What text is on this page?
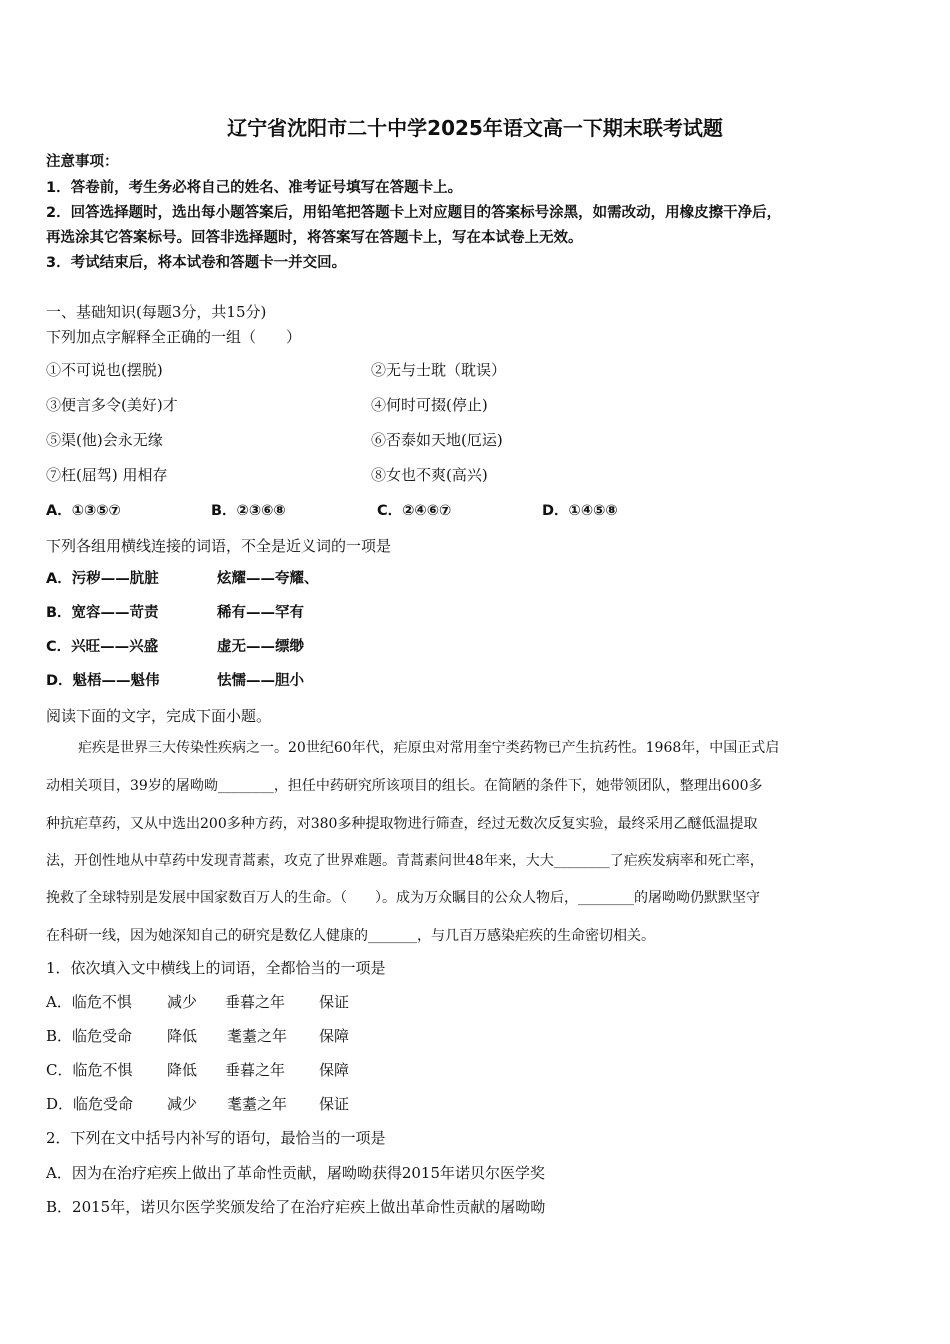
辽宁省沈阳市二十中学2025年语文高一下期末联考试题
注意事项：
1．答卷前，考生务必将自己的姓名、准考证号填写在答题卡上。
2．回答选择题时，选出每小题答案后，用铅笔把答题卡上对应题目的答案标号涂黑，如需改动，用橡皮擦干净后，
再选涂其它答案标号。回答非选择题时，将答案写在答题卡上，写在本试卷上无效。
3．考试结束后，将本试卷和答题卡一并交回。
一、基础知识(每题3分，共15分)
下列加点字解释全正确的一组（　　）
①不可说也(摆脱)	②无与士耽（耽误）
③便言多令(美好)才	④何时可掇(停止)
⑤渠(他)会永无缘	⑥否泰如天地(厄运)
⑦枉(屈驾) 用相存	⑧女也不爽(高兴)
A．①③⑤⑦	B．②③⑥⑧	C．②④⑥⑦	D．①④⑤⑧
下列各组用横线连接的词语，不全是近义词的一项是
A．污秽——肮脏	炫耀——夸耀、
B．宽容——苛责	稀有——罕有
C．兴旺——兴盛	虚无——缥缈
D．魁梧——魁伟	怯懦——胆小
阅读下面的文字，完成下面小题。
疟疾是世界三大传染性疾病之一。20世纪60年代，疟原虫对常用奎宁类药物已产生抗药性。1968年，中国正式启
动相关项目，39岁的屠呦呦________，担任中药研究所该项目的组长。在简陋的条件下，她带领团队，整理出600多
种抗疟草药，又从中选出200多种方药，对380多种提取物进行筛查，经过无数次反复实验，最终采用乙醚低温提取
法，开创性地从中草药中发现青蒿素，攻克了世界难题。青蒿素问世48年来，大大________了疟疾发病率和死亡率，
挽救了全球特别是发展中国家数百万人的生命。（　　）。成为万众瞩目的公众人物后，________的屠呦呦仍默默坚守
在科研一线，因为她深知自己的研究是数亿人健康的_______，与几百万感染疟疾的生命密切相关。
1．依次填入文中横线上的词语，全都恰当的一项是
A．临危不惧 减少 垂暮之年 保证
B．临危受命 降低 耄耋之年 保障
C．临危不惧 降低 垂暮之年 保障
D．临危受命 减少 耄耋之年 保证
2．下列在文中括号内补写的语句，最恰当的一项是
A．因为在治疗疟疾上做出了革命性贡献，屠呦呦获得2015年诺贝尔医学奖
B．2015年，诺贝尔医学奖颁发给了在治疗疟疾上做出革命性贡献的屠呦呦
